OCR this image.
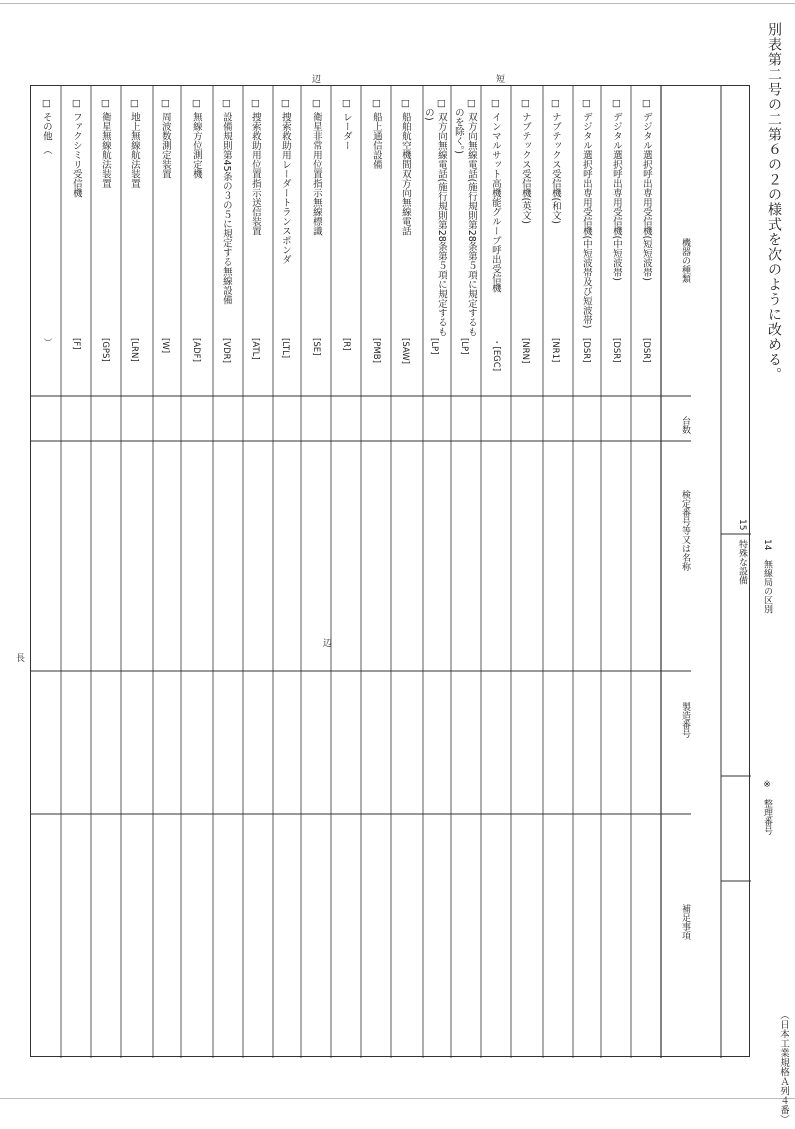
別表第二号の二第６の２の様式を次のように改める。
（日本工業規格Ａ列４番）
辺	短
辺
長
14　無線局の区別
※　整理番号
15　特殊な設備
機器の種類
台数
検定番号等又は名称
製造番号
補足事項
□ デジタル選択呼出専用受信機(短短波帯)
[DSR]
□ デジタル選択呼出専用受信機(中短波帯)
[DSR]
□ デジタル選択呼出専用受信機(中短波帯及び短波帯)
[DSR]
□ ナブテックス受信機(和文)
[NR1]
□ ナブテックス受信機(英文)
[NRN]
□ インマルサット高機能グループ呼出受信機
・[EGC]
□ 双方向無線電話(施行規則第28条第５項に規定するも
　のを除く。)
[LP]
□ 双方向無線電話(施行規則第28条第５項に規定するも
　の)
[LP]
□ 船舶航空機間双方向無線電話
[SAW]
□ 船上通信設備
[PMB]
□ レーダー
[R]
□ 衛星非常用位置指示無線標識
[SE]
□ 捜索救助用レーダートランスポンダ
[LTL]
□ 捜索救助用位置指示送信装置
[ATL]
□ 設備規則第45条の３の５に規定する無線設備
[VDR]
□ 無線方位測定機
[ADF]
□ 周波数測定装置
[W]
□ 地上無線航法装置
[LRN]
□ 衛星無線航法装置
[GPS]
□ ファクシミリ受信機
[F]
□ その他　（
）
